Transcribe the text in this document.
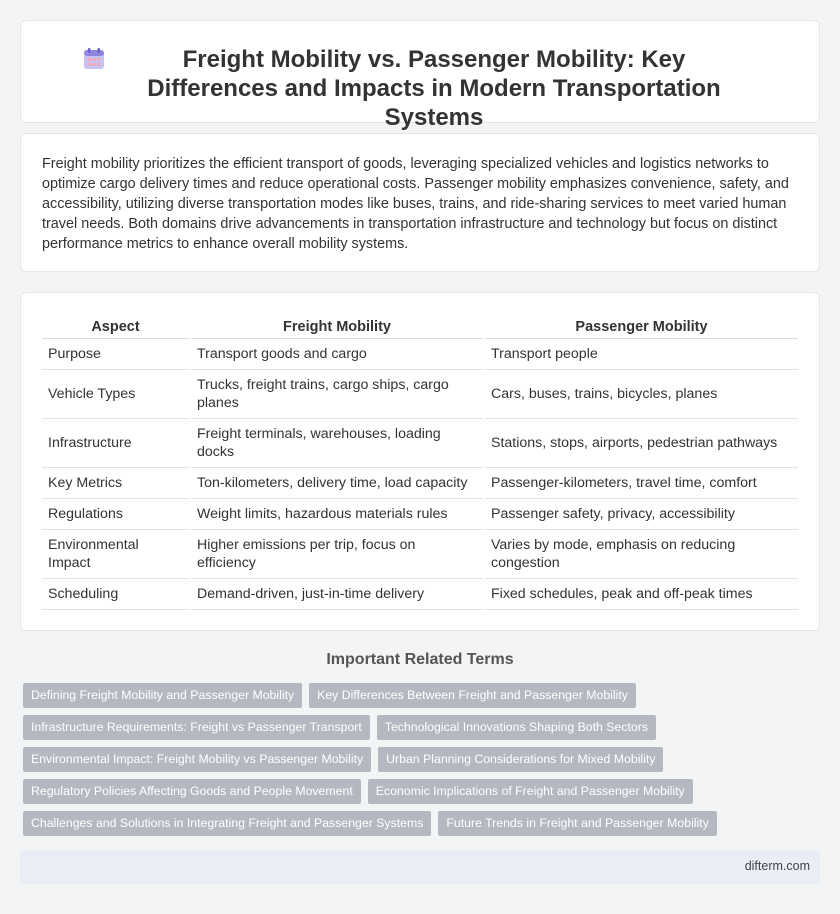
Freight Mobility vs. Passenger Mobility: Key Differences and Impacts in Modern Transportation Systems

Freight mobility prioritizes the efficient transport of goods, leveraging specialized vehicles and logistics networks to optimize cargo delivery times and reduce operational costs. Passenger mobility emphasizes convenience, safety, and accessibility, utilizing diverse transportation modes like buses, trains, and ride-sharing services to meet varied human travel needs. Both domains drive advancements in transportation infrastructure and technology but focus on distinct performance metrics to enhance overall mobility systems.

Aspect	Freight Mobility	Passenger Mobility
Purpose	Transport goods and cargo	Transport people
Vehicle Types	Trucks, freight trains, cargo ships, cargo planes	Cars, buses, trains, bicycles, planes
Infrastructure	Freight terminals, warehouses, loading docks	Stations, stops, airports, pedestrian pathways
Key Metrics	Ton-kilometers, delivery time, load capacity	Passenger-kilometers, travel time, comfort
Regulations	Weight limits, hazardous materials rules	Passenger safety, privacy, accessibility
Environmental Impact	Higher emissions per trip, focus on efficiency	Varies by mode, emphasis on reducing congestion
Scheduling	Demand-driven, just-in-time delivery	Fixed schedules, peak and off-peak times
Important Related Terms
Defining Freight Mobility and Passenger Mobility Key Differences Between Freight and Passenger Mobility
Infrastructure Requirements: Freight vs Passenger Transport Technological Innovations Shaping Both Sectors
Environmental Impact: Freight Mobility vs Passenger Mobility Urban Planning Considerations for Mixed Mobility
Regulatory Policies Affecting Goods and People Movement Economic Implications of Freight and Passenger Mobility
Challenges and Solutions in Integrating Freight and Passenger Systems Future Trends in Freight and Passenger Mobility
difterm.com
